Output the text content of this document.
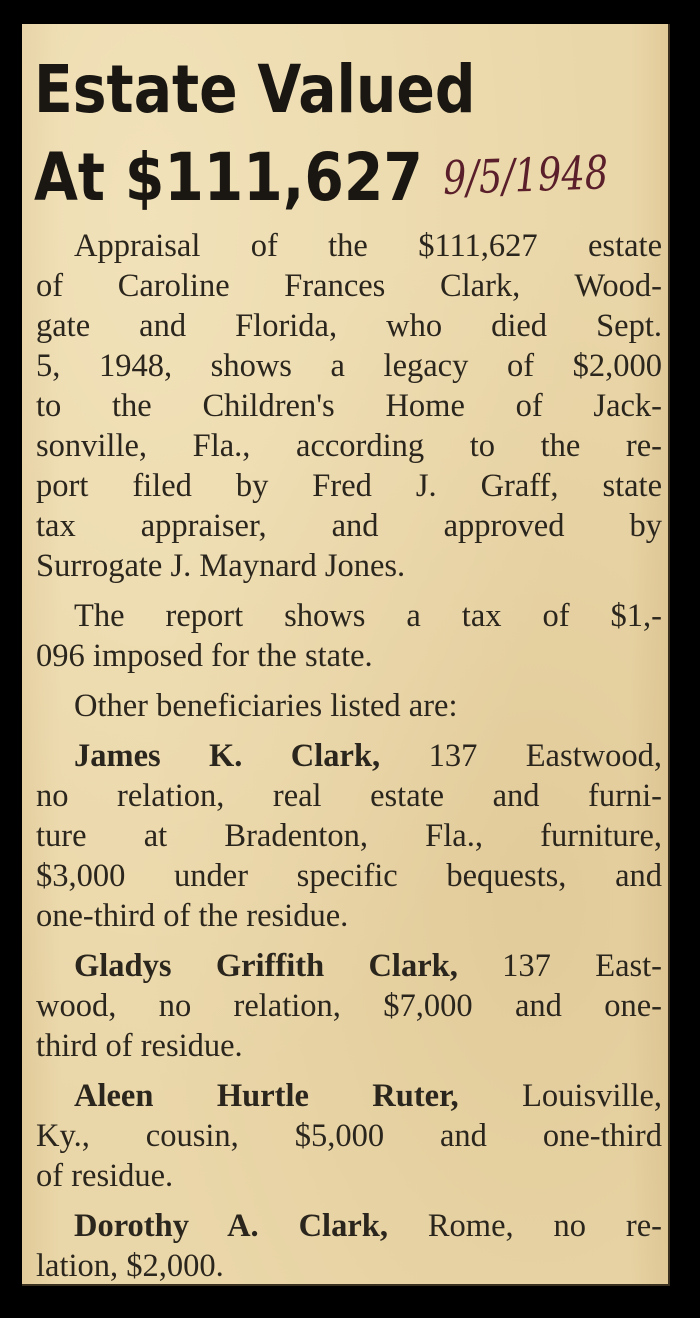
Estate Valued
At $111,627 9/5/1948

Appraisal of the $111,627 estate
of Caroline Frances Clark, Wood-
gate and Florida, who died Sept.
5, 1948, shows a legacy of $2,000
to the Children's Home of Jack-
sonville, Fla., according to the re-
port filed by Fred J. Graff, state
tax appraiser, and approved by
Surrogate J. Maynard Jones.

The report shows a tax of $1,-
096 imposed for the state.

Other beneficiaries listed are:

James K. Clark, 137 Eastwood,
no relation, real estate and furni-
ture at Bradenton, Fla., furniture,
$3,000 under specific bequests, and
one-third of the residue.

Gladys Griffith Clark, 137 East-
wood, no relation, $7,000 and one-
third of residue.

Aleen Hurtle Ruter, Louisville,
Ky., cousin, $5,000 and one-third
of residue.

Dorothy A. Clark, Rome, no re-
lation, $2,000.
